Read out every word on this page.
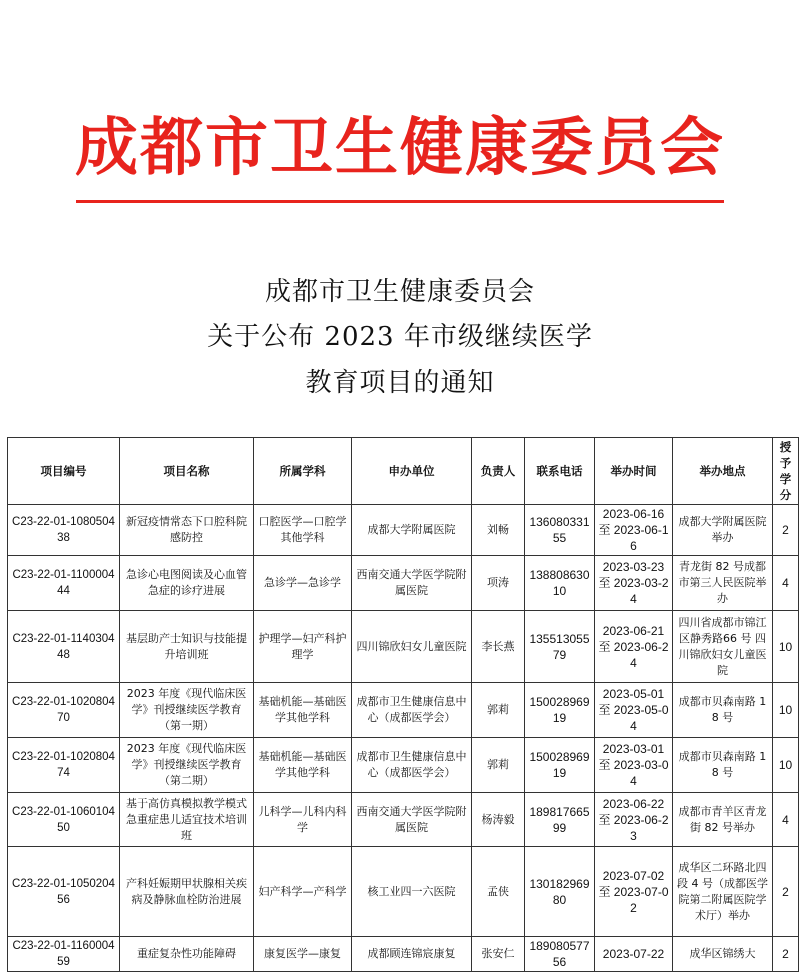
成都市卫生健康委员会
成都市卫生健康委员会
关于公布 2023 年市级继续医学
教育项目的通知
项目编号	项目名称	所属学科	申办单位	负责人	联系电话	举办时间	举办地点	授予学分
C23-22-01-108050438	新冠疫情常态下口腔科院感防控	口腔医学—口腔学其他学科	成都大学附属医院	刘畅	13608033155	2023-06-16至 2023-06-16	成都大学附属医院举办	2
C23-22-01-110000444	急诊心电图阅读及心血管急症的诊疗进展	急诊学—急诊学	西南交通大学医学院附属医院	项涛	13880863010	2023-03-23至 2023-03-24	青龙街 82 号成都市第三人民医院举办	4
C23-22-01-114030448	基层助产士知识与技能提升培训班	护理学—妇产科护理学	四川锦欣妇女儿童医院	李长燕	13551305579	2023-06-21至 2023-06-24	四川省成都市锦江区静秀路66 号 四川锦欣妇女儿童医院	10
C23-22-01-102080470	2023 年度《现代临床医学》刊授继续医学教育（第一期）	基础机能—基础医学其他学科	成都市卫生健康信息中心（成都医学会）	郭莉	15002896919	2023-05-01至 2023-05-04	成都市贝森南路 18 号	10
C23-22-01-102080474	2023 年度《现代临床医学》刊授继续医学教育（第二期）	基础机能—基础医学其他学科	成都市卫生健康信息中心（成都医学会）	郭莉	15002896919	2023-03-01至 2023-03-04	成都市贝森南路 18 号	10
C23-22-01-106010450	基于高仿真模拟教学模式急重症患儿适宜技术培训班	儿科学—儿科内科学	西南交通大学医学院附属医院	杨涛毅	18981766599	2023-06-22至 2023-06-23	成都市青羊区青龙街 82 号举办	4
C23-22-01-105020456	产科妊娠期甲状腺相关疾病及静脉血栓防治进展	妇产科学—产科学	核工业四一六医院	孟侠	13018296980	2023-07-02至 2023-07-02	成华区二环路北四段 4 号（成都医学院第二附属医院学术厅）举办	2
C23-22-01-116000459	重症复杂性功能障碍	康复医学—康复	成都顾连锦宸康复	张安仁	18908057756	2023-07-22	成华区锦绣大	2
